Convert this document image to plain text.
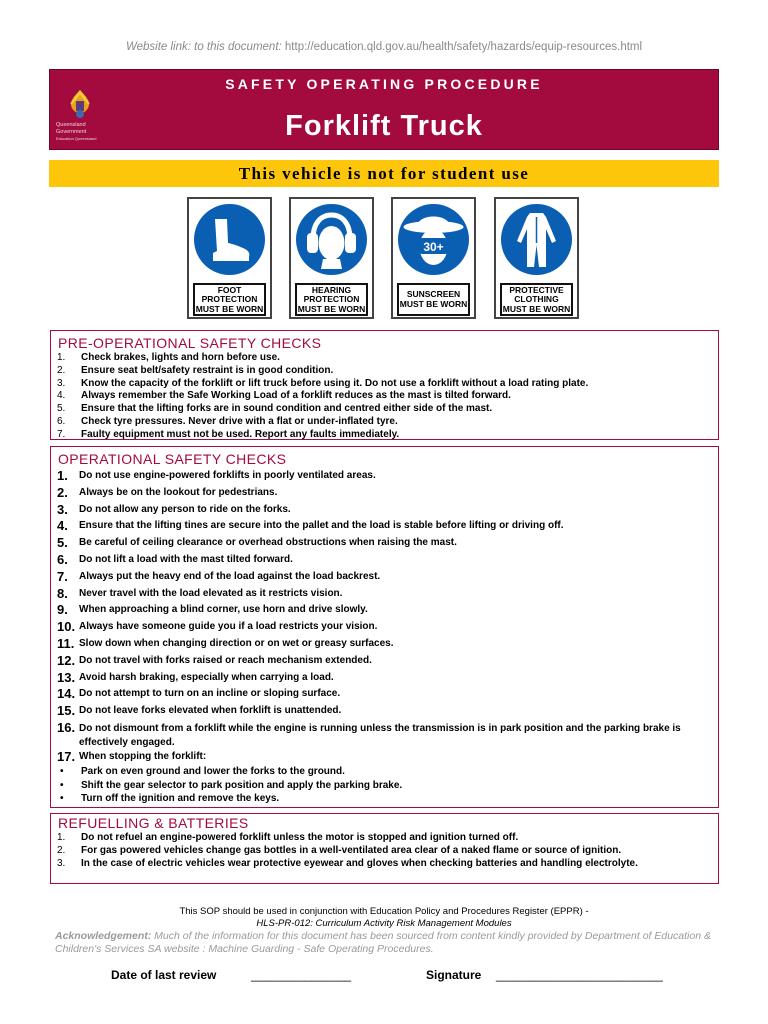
Website link: to this document: http://education.qld.gov.au/health/safety/hazards/equip-resources.html
Queensland
Government
Education Queensland
SAFETY OPERATING PROCEDURE
Forklift Truck
This vehicle is not for student use
FOOT
PROTECTION
MUST BE WORN
HEARING
PROTECTION
MUST BE WORN
30+
SUNSCREEN
MUST BE WORN
PROTECTIVE
CLOTHING
MUST BE WORN
PRE-OPERATIONAL SAFETY CHECKS
1. Check brakes, lights and horn before use.
2. Ensure seat belt/safety restraint is in good condition.
3. Know the capacity of the forklift or lift truck before using it. Do not use a forklift without a load rating plate.
4. Always remember the Safe Working Load of a forklift reduces as the mast is tilted forward.
5. Ensure that the lifting forks are in sound condition and centred either side of the mast.
6. Check tyre pressures. Never drive with a flat or under-inflated tyre.
7. Faulty equipment must not be used. Report any faults immediately.
OPERATIONAL SAFETY CHECKS
1. Do not use engine-powered forklifts in poorly ventilated areas.
2. Always be on the lookout for pedestrians.
3. Do not allow any person to ride on the forks.
4. Ensure that the lifting tines are secure into the pallet and the load is stable before lifting or driving off.
5. Be careful of ceiling clearance or overhead obstructions when raising the mast.
6. Do not lift a load with the mast tilted forward.
7. Always put the heavy end of the load against the load backrest.
8. Never travel with the load elevated as it restricts vision.
9. When approaching a blind corner, use horn and drive slowly.
10. Always have someone guide you if a load restricts your vision.
11. Slow down when changing direction or on wet or greasy surfaces.
12. Do not travel with forks raised or reach mechanism extended.
13. Avoid harsh braking, especially when carrying a load.
14. Do not attempt to turn on an incline or sloping surface.
15. Do not leave forks elevated when forklift is unattended.
16. Do not dismount from a forklift while the engine is running unless the transmission is in park position and the parking brake is effectively engaged.
17. When stopping the forklift:
• Park on even ground and lower the forks to the ground.
• Shift the gear selector to park position and apply the parking brake.
• Turn off the ignition and remove the keys.
REFUELLING & BATTERIES
1. Do not refuel an engine-powered forklift unless the motor is stopped and ignition turned off.
2. For gas powered vehicles change gas bottles in a well-ventilated area clear of a naked flame or source of ignition.
3. In the case of electric vehicles wear protective eyewear and gloves when checking batteries and handling electrolyte.
This SOP should be used in conjunction with Education Policy and Procedures Register (EPPR) -
HLS-PR-012: Curriculum Activity Risk Management Modules
Acknowledgement: Much of the information for this document has been sourced from content kindly provided by Department of Education & Children's Services SA website : Machine Guarding - Safe Operating Procedures.
Date of last review	_______________	Signature _________________________
